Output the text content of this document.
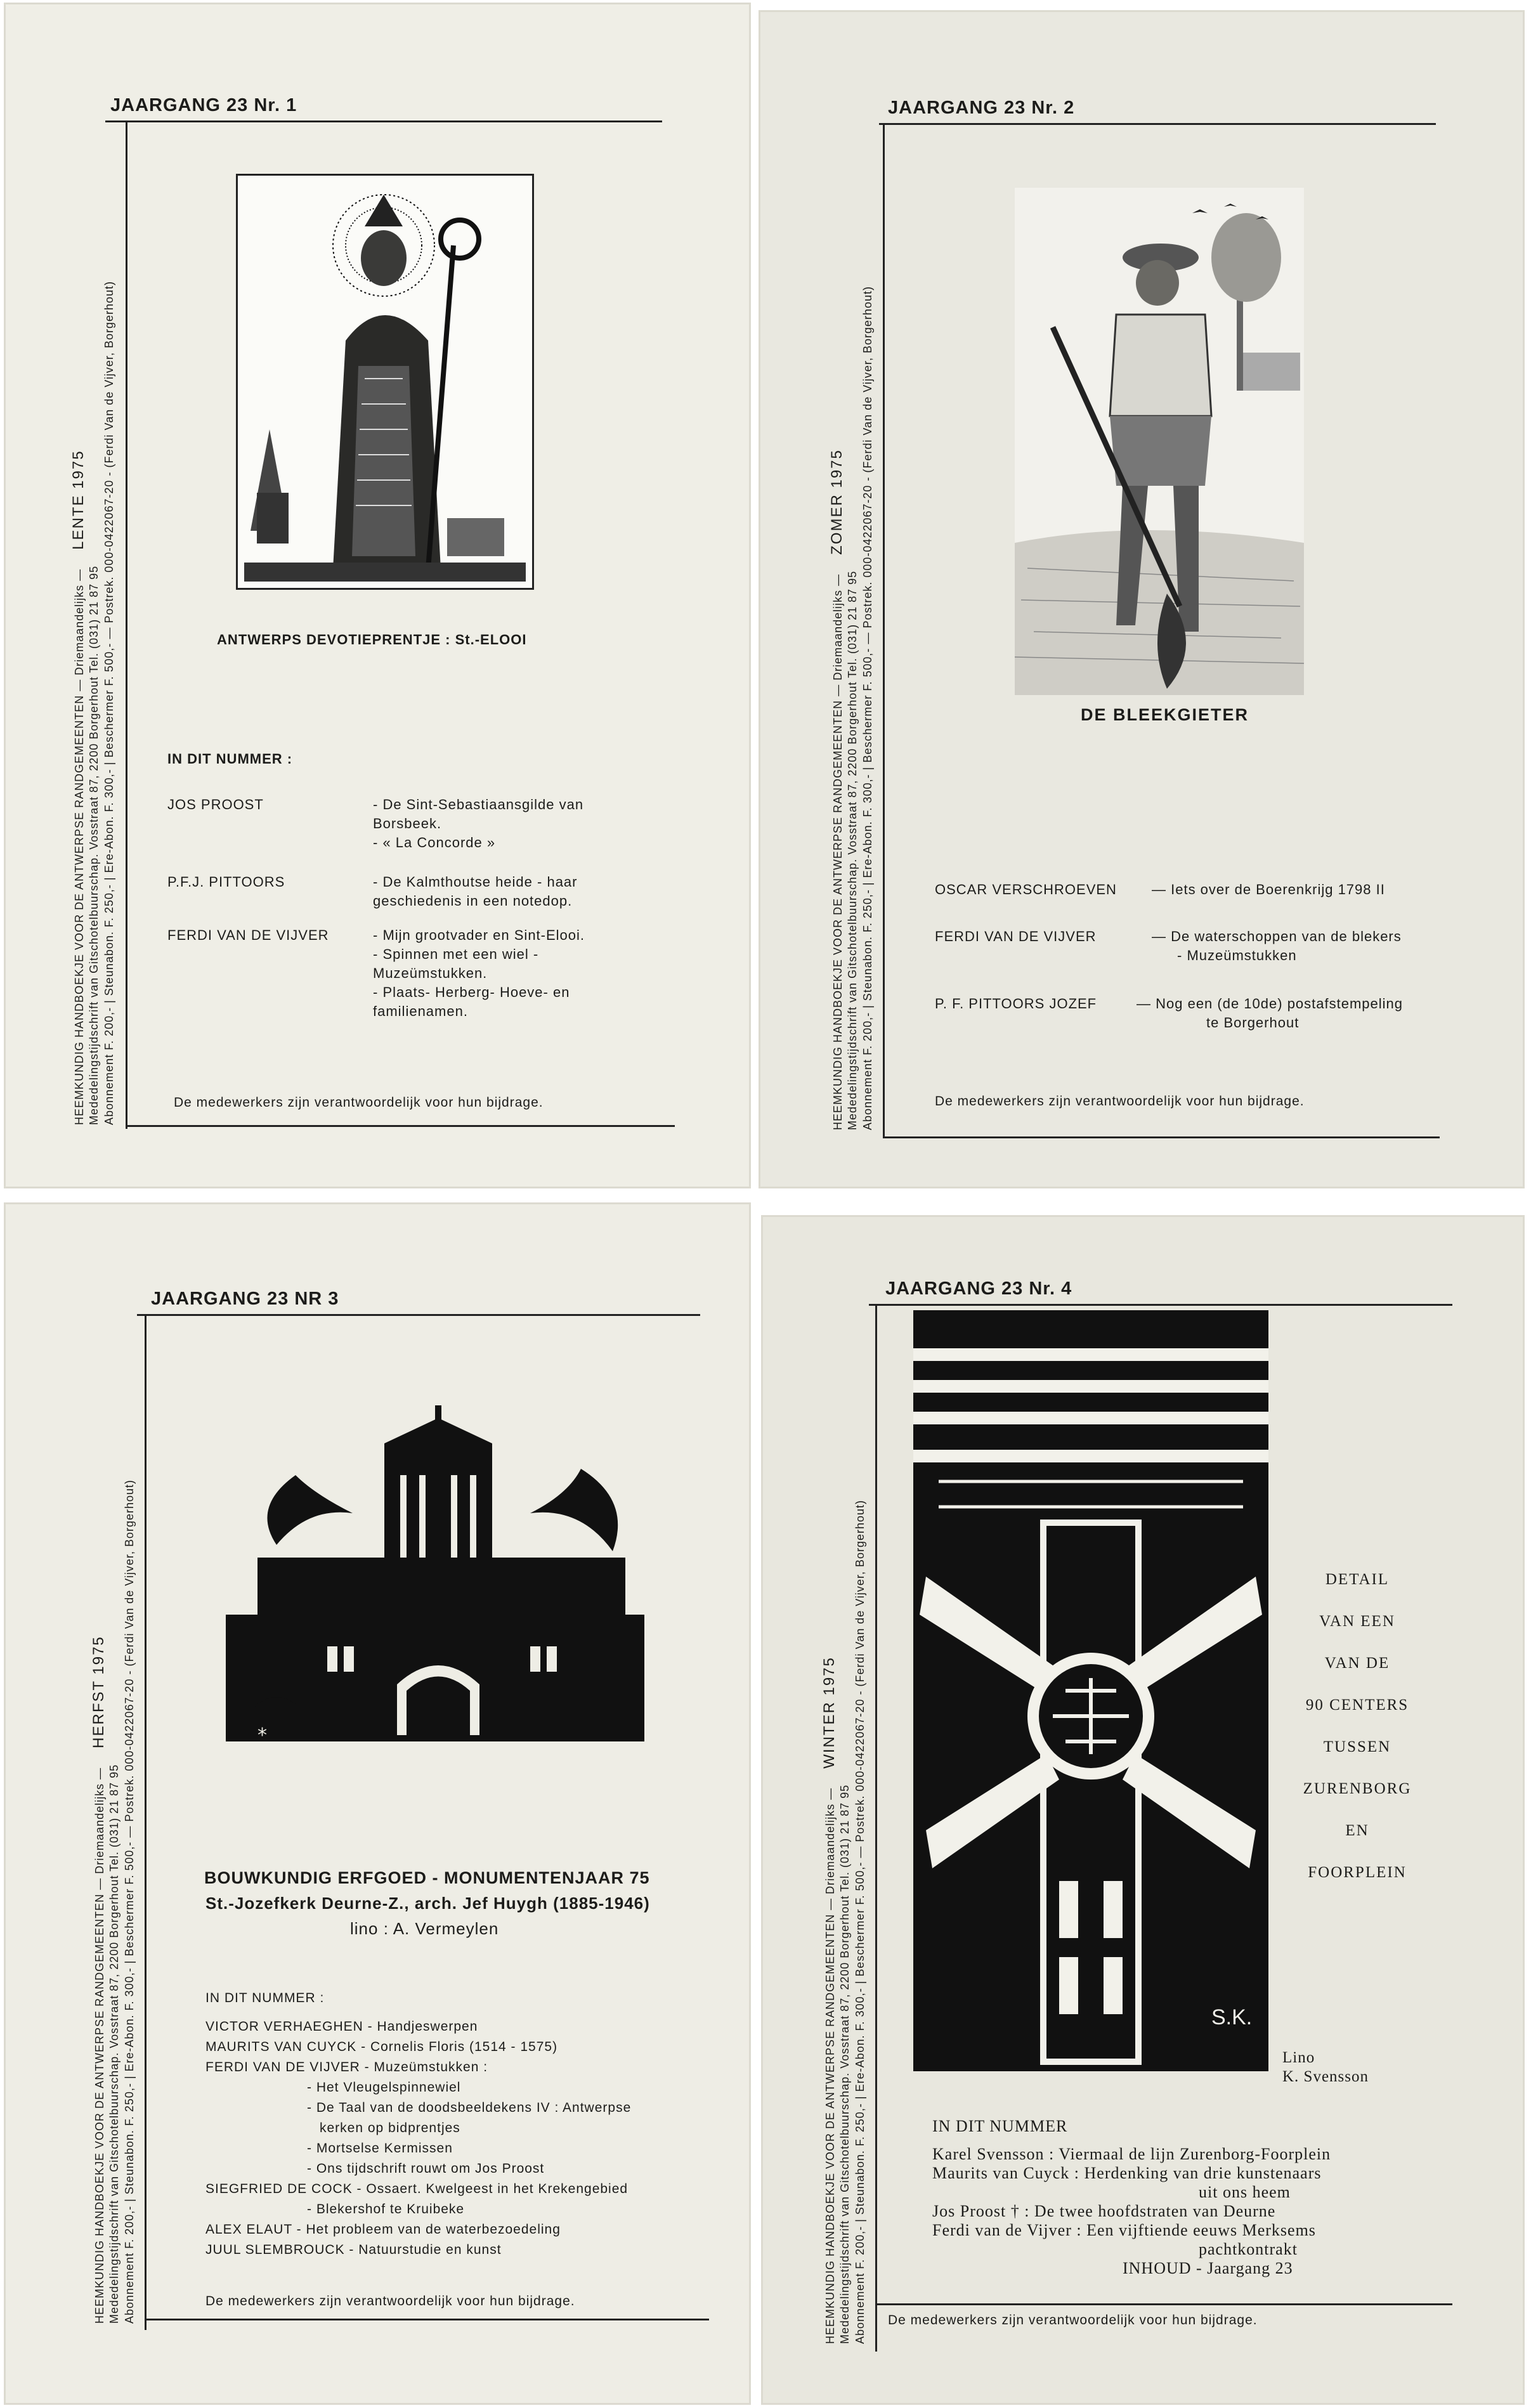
JAARGANG 23 Nr. 1
HEEMKUNDIG HANDBOEKJE VOOR DE ANTWERPSE RANDGEMEENTEN — Driemaandelijks —     LENTE 1975
Mededelingstijdschrift van Gitschotelbuurschap. Vosstraat 87, 2200 Borgerhout Tel. (031) 21 87 95 Abonnement F. 200,- | Steunabon. F. 250,- | Ere-Abon. F. 300,- | Beschermer F. 500,- — Postrek. 000-0422067-20 - (Ferdi Van de Vijver, Borgerhout)	ANTWERPS DEVOTIEPRENTJE : St.-ELOOI
IN DIT NUMMER :
JOS PROOST	- De Sint-Sebastiaansgilde van
Borsbeek.
- « La Concorde »
P.F.J. PITTOORS	- De Kalmthoutse heide - haar
geschiedenis in een notedop.
FERDI VAN DE VIJVER	- Mijn grootvader en Sint-Elooi.
- Spinnen met een wiel -
Muzeümstukken.
- Plaats- Herberg- Hoeve- en
familienamen.
De medewerkers zijn verantwoordelijk voor hun bijdrage.
JAARGANG 23 Nr. 2
HEEMKUNDIG HANDBOEKJE VOOR DE ANTWERPSE RANDGEMEENTEN — Driemaandelijks —     ZOMER 1975
Mededelingstijdschrift van Gitschotelbuurschap. Vosstraat 87, 2200 Borgerhout Tel. (031) 21 87 95 Abonnement F. 200,- | Steunabon. F. 250,- | Ere-Abon. F. 300,- | Beschermer F. 500,- — Postrek. 000-0422067-20 - (Ferdi Van de Vijver, Borgerhout)	DE BLEEKGIETER
OSCAR VERSCHROEVEN	— Iets over de Boerenkrijg 1798 II
FERDI VAN DE VIJVER	— De waterschoppen van de blekers
- Muzeümstukken
P. F. PITTOORS JOZEF	— Nog een (de 10de) postafstempeling
te Borgerhout
De medewerkers zijn verantwoordelijk voor hun bijdrage.
JAARGANG 23 NR 3
HEEMKUNDIG HANDBOEKJE VOOR DE ANTWERPSE RANDGEMEENTEN — Driemaandelijks —     HERFST 1975
Mededelingstijdschrift van Gitschotelbuurschap. Vosstraat 87, 2200 Borgerhout Tel. (031) 21 87 95 Abonnement F. 200,- | Steunabon. F. 250,- | Ere-Abon. F. 300,- | Beschermer F. 500,- — Postrek. 000-0422067-20 - (Ferdi Van de Vijver, Borgerhout)	*
BOUWKUNDIG ERFGOED - MONUMENTENJAAR 75
St.-Jozefkerk Deurne-Z., arch. Jef Huygh (1885-1946)
lino : A. Vermeylen
IN DIT NUMMER :
VICTOR VERHAEGHEN - Handjeswerpen
MAURITS VAN CUYCK - Cornelis Floris (1514 - 1575)
FERDI VAN DE VIJVER - Muzeümstukken :
- Het Vleugelspinnewiel
- De Taal van de doodsbeeldekens IV : Antwerpse
kerken op bidprentjes
- Mortselse Kermissen
- Ons tijdschrift rouwt om Jos Proost
SIEGFRIED DE COCK - Ossaert. Kwelgeest in het Krekengebied
- Blekershof te Kruibeke
ALEX ELAUT - Het probleem van de waterbezoedeling
JUUL SLEMBROUCK - Natuurstudie en kunst
De medewerkers zijn verantwoordelijk voor hun bijdrage.
JAARGANG 23 Nr. 4
HEEMKUNDIG HANDBOEKJE VOOR DE ANTWERPSE RANDGEMEENTEN — Driemaandelijks —     WINTER 1975
Mededelingstijdschrift van Gitschotelbuurschap. Vosstraat 87, 2200 Borgerhout Tel. (031) 21 87 95 Abonnement F. 200,- | Steunabon. F. 250,- | Ere-Abon. F. 300,- | Beschermer F. 500,- — Postrek. 000-0422067-20 - (Ferdi Van de Vijver, Borgerhout)	S.K.
DETAIL
VAN EEN
VAN DE
90 CENTERS
TUSSEN
ZURENBORG
EN
FOORPLEIN
Lino
K. Svensson
IN DIT NUMMER
Karel Svensson : Viermaal de lijn Zurenborg-Foorplein
Maurits van Cuyck : Herdenking van drie kunstenaars
uit ons heem
Jos Proost † : De twee hoofdstraten van Deurne
Ferdi van de Vijver : Een vijftiende eeuws Merksems
pachtkontrakt
INHOUD - Jaargang 23
De medewerkers zijn verantwoordelijk voor hun bijdrage.
